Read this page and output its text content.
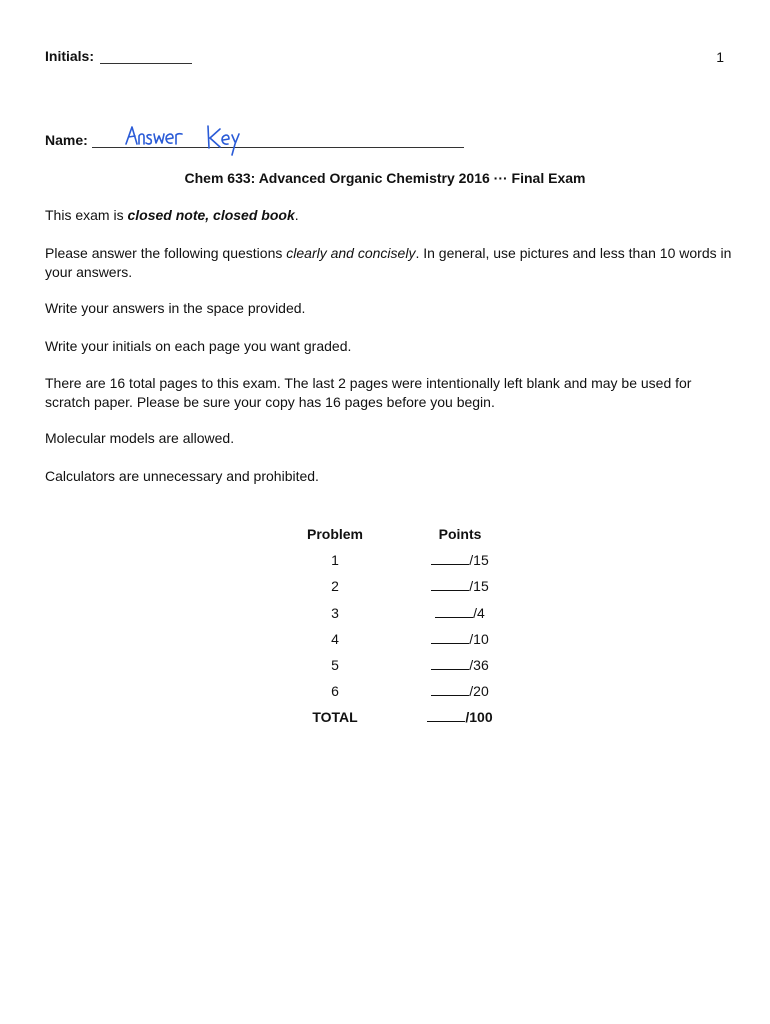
Initials:	1
Name:
Chem 633: Advanced Organic Chemistry 2016 ··· Final Exam
This exam is closed note, closed book.
Please answer the following questions clearly and concisely. In general, use pictures and less than 10 words in your answers.
Write your answers in the space provided.
Write your initials on each page you want graded.
There are 16 total pages to this exam. The last 2 pages were intentionally left blank and may be used for scratch paper. Please be sure your copy has 16 pages before you begin.
Molecular models are allowed.
Calculators are unnecessary and prohibited.
Problem	Points
1	/15
2	/15
3	/4
4	/10
5	/36
6	/20
TOTAL	/100
